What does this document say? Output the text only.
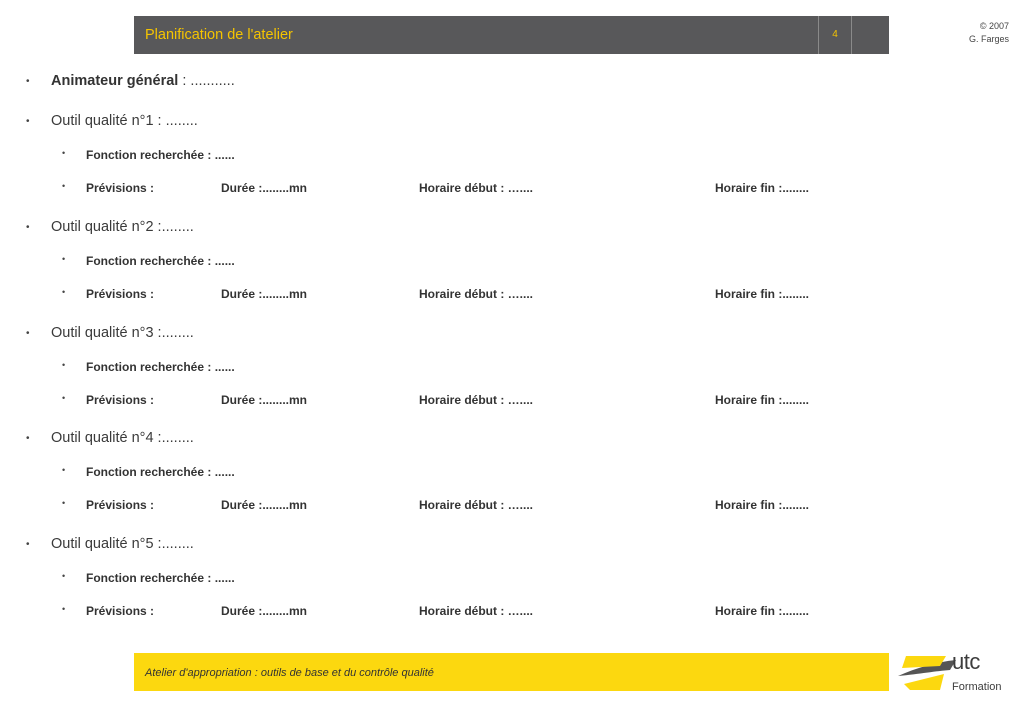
Planification de l'atelier	4
© 2007
G. Farges
• Animateur général : ...........
• Outil qualité n°1 : ........
• Fonction recherchée : ......
• Prévisions :	Durée :........mn	Horaire début : …....	Horaire fin :........
• Outil qualité n°2 :........
• Fonction recherchée : ......
• Prévisions :	Durée :........mn	Horaire début : …....	Horaire fin :........
• Outil qualité n°3 :........
• Fonction recherchée : ......
• Prévisions :	Durée :........mn	Horaire début : …....	Horaire fin :........
• Outil qualité n°4 :........
• Fonction recherchée : ......
• Prévisions :	Durée :........mn	Horaire début : …....	Horaire fin :........
• Outil qualité n°5 :........
• Fonction recherchée : ......
• Prévisions :	Durée :........mn	Horaire début : …....	Horaire fin :........
Atelier d'appropriation : outils de base et du contrôle qualité	utc
Formation
